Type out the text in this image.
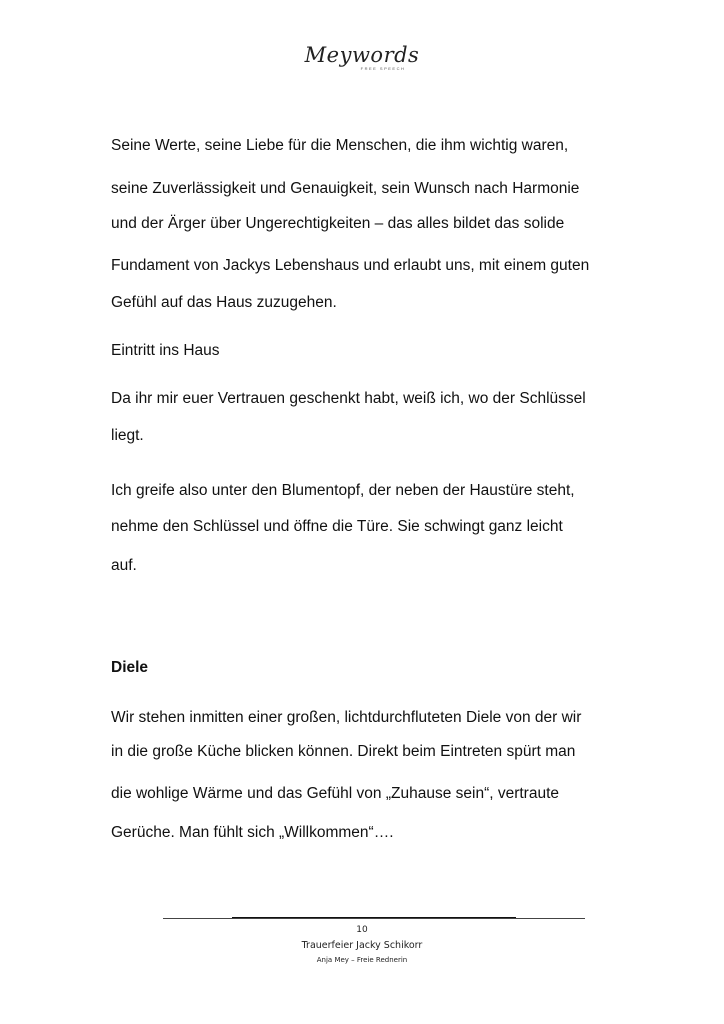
Meywords
FREE SPEECH
Seine Werte, seine Liebe für die Menschen, die ihm wichtig waren,
seine Zuverlässigkeit und Genauigkeit, sein Wunsch nach Harmonie
und der Ärger über Ungerechtigkeiten – das alles bildet das solide
Fundament von Jackys Lebenshaus und erlaubt uns, mit einem guten
Gefühl auf das Haus zuzugehen.
Eintritt ins Haus
Da ihr mir euer Vertrauen geschenkt habt, weiß ich, wo der Schlüssel
liegt.
Ich greife also unter den Blumentopf, der neben der Haustüre steht,
nehme den Schlüssel und öffne die Türe. Sie schwingt ganz leicht
auf.
Diele
Wir stehen inmitten einer großen, lichtdurchfluteten Diele von der wir
in die große Küche blicken können. Direkt beim Eintreten spürt man
die wohlige Wärme und das Gefühl von „Zuhause sein“, vertraute
Gerüche. Man fühlt sich „Willkommen“….
10
Trauerfeier Jacky Schikorr
Anja Mey – Freie Rednerin
